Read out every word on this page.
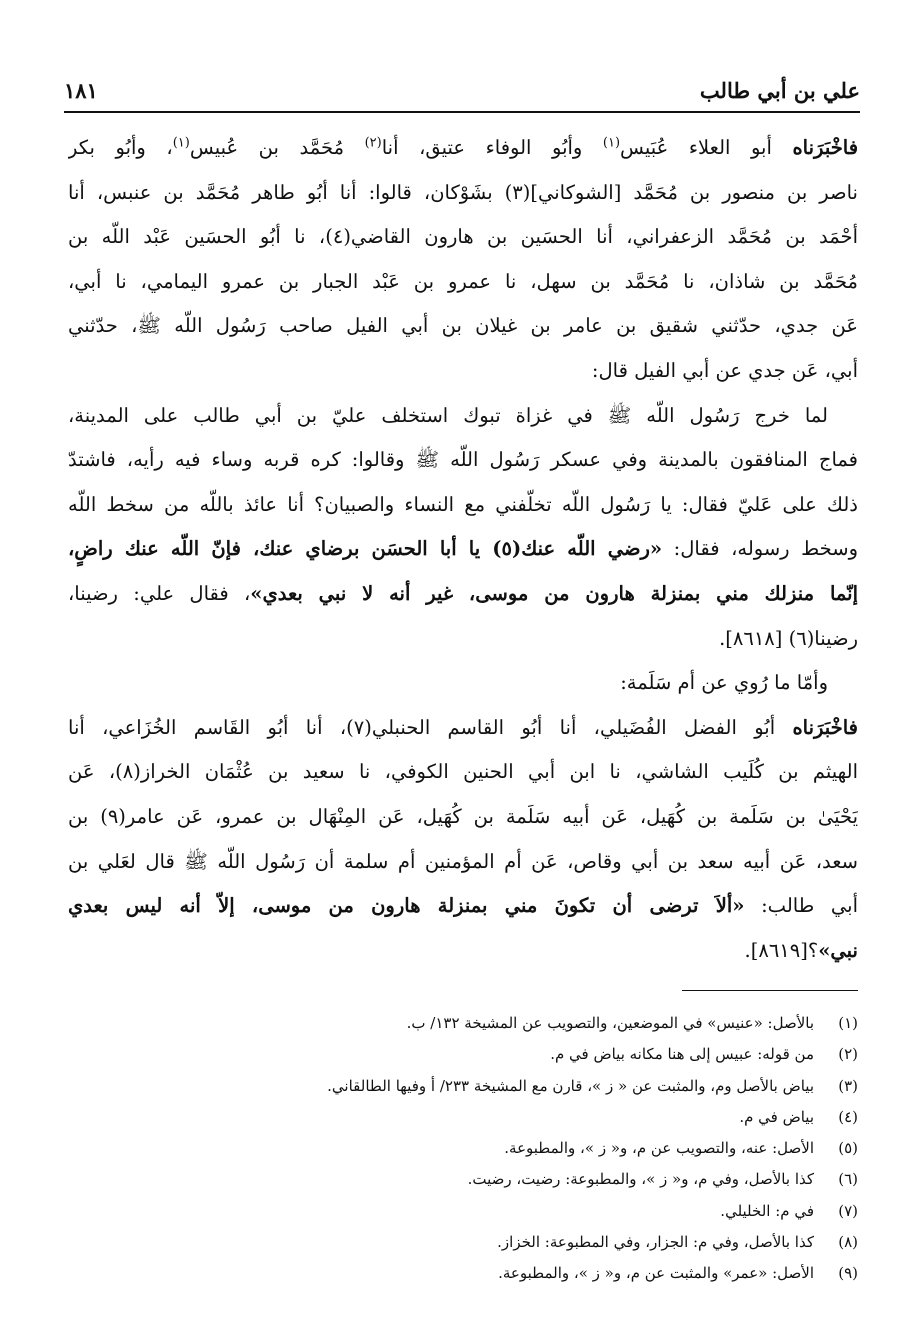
علي بن أبي طالب
١٨١
فاخْبَرَناه أبو العلاء عُبَيس$^{(١)}$ وأبُو الوفاء عتيق، أنا$^{(٢)}$ مُحَمَّد بن عُبيس$^{(١)}$، وأبُو بكر
ناصر بن منصور بن مُحَمَّد [الشوكاني](٣) بشَوْكان، قالوا: أنا أبُو طاهر مُحَمَّد بن عنبس، أنا
أحْمَد بن مُحَمَّد الزعفراني، أنا الحسَين بن هارون القاضي(٤)، نا أبُو الحسَين عَبْد اللّه بن
مُحَمَّد بن شاذان، نا مُحَمَّد بن سهل، نا عمرو بن عَبْد الجبار بن عمرو اليمامي، نا أبي،
عَن جدي، حدّثني شقيق بن عامر بن غيلان بن أبي الفيل صاحب رَسُول اللّه ﷺ، حدّثني
أبي، عَن جدي عن أبي الفيل قال:
لما خرج رَسُول اللّه ﷺ في غزاة تبوك استخلف عليّ بن أبي طالب على المدينة،
فماج المنافقون بالمدينة وفي عسكر رَسُول اللّه ﷺ وقالوا: كره قربه وساء فيه رأيه، فاشتدّ
ذلك على عَليّ فقال: يا رَسُول اللّه تخلّفني مع النساء والصبيان؟ أنا عائذ باللّه من سخط اللّه
وسخط رسوله، فقال: «رضي اللّه عنك(٥) يا أبا الحسَن برضاي عنك، فإنّ اللّه عنك راضٍ،
إنّما منزلك مني بمنزلة هارون من موسى، غير أنه لا نبي بعدي»، فقال علي: رضينا،
رضينا(٦) [٨٦١٨].
وأمّا ما رُوي عن أم سَلَمة:
فاخْبَرَناه أبُو الفضل الفُضَيلي، أنا أبُو القاسم الحنبلي(٧)، أنا أبُو القَاسم الخُزَاعي، أنا
الهيثم بن كُلَيب الشاشي، نا ابن أبي الحنين الكوفي، نا سعيد بن عُثْمَان الخراز(٨)، عَن
يَحْيَىٰ بن سَلَمة بن كُهَيل، عَن أبيه سَلَمة بن كُهَيل، عَن المِنْهَال بن عمرو، عَن عامر(٩) بن
سعد، عَن أبيه سعد بن أبي وقاص، عَن أم المؤمنين أم سلمة أن رَسُول اللّه ﷺ قال لعَلي بن
أبي طالب: «ألاَ ترضى أن تكونَ مني بمنزلة هارون من موسى، إلاّ أنه ليس بعدي
نبي»؟[٨٦١٩].
(١)
بالأصل: «عنيس» في الموضعين، والتصويب عن المشيخة ١٣٢/ ب.
(٢)
من قوله: عبيس إلى هنا مكانه بياض في م.
(٣)
بياض بالأصل وم، والمثبت عن « ز »، قارن مع المشيخة ٢٣٣/ أ وفيها الطالقاني.
(٤)
بياض في م.
(٥)
الأصل: عنه، والتصويب عن م، و« ز »، والمطبوعة.
(٦)
كذا بالأصل، وفي م، و« ز »، والمطبوعة: رضيت، رضيت.
(٧)
في م: الخليلي.
(٨)
كذا بالأصل، وفي م: الجزار، وفي المطبوعة: الخزاز.
(٩)
الأصل: «عمر» والمثبت عن م، و« ز »، والمطبوعة.
